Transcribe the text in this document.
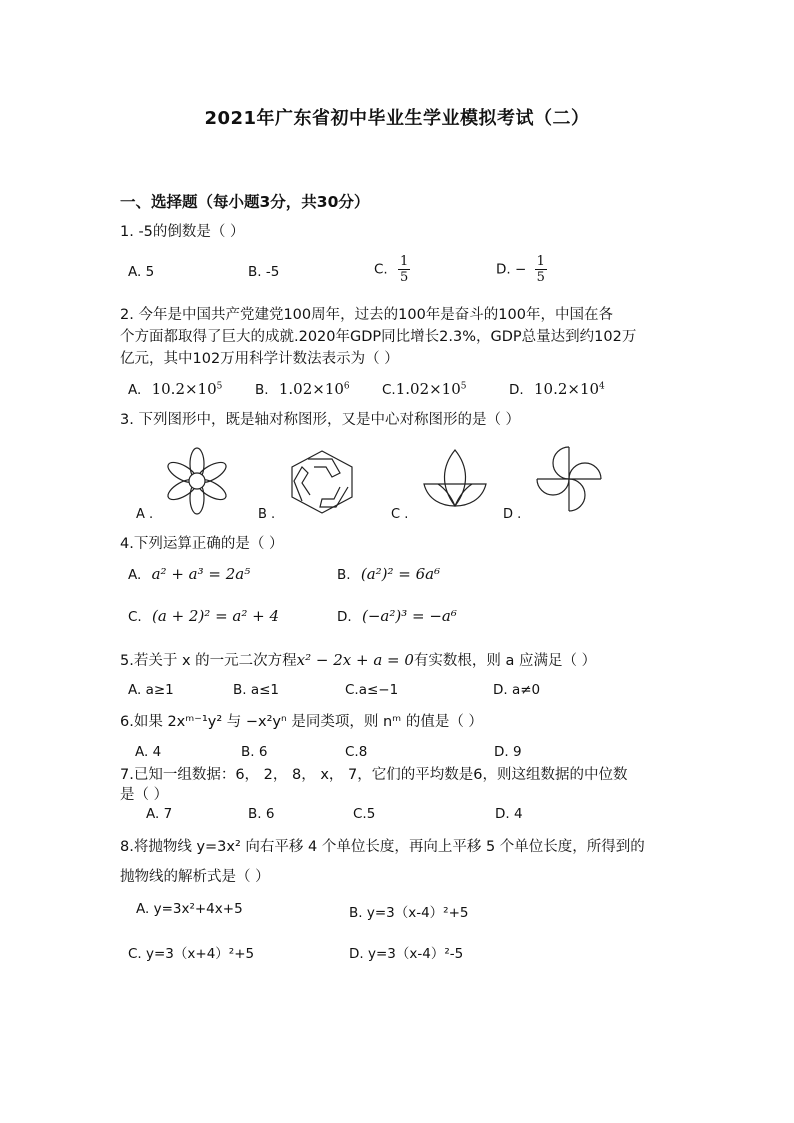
2021年广东省初中毕业生学业模拟考试（二）
一、选择题（每小题3分，共30分）
1. -5的倒数是（ ）
A. 5	B. -5	C. $\frac{1}{5}$	D. − $\frac{1}{5}$
2. 今年是中国共产党建党100周年，过去的100年是奋斗的100年，中国在各
个方面都取得了巨大的成就.2020年GDP同比增长2.3%，GDP总量达到约102万
亿元，其中102万用科学计数法表示为（ ）
A. $10.2\times 10^5$ B. $1.02\times 10^6$ $C.1.02\times 10^5$	D. $10.2\times 10^4$
3. 下列图形中，既是轴对称图形，又是中心对称图形的是（ ）
A .	B .	C .	D .
4.下列运算正确的是（ ）
A. a² + a³ = 2a⁵	B. (a²)² = 6a⁶
C. (a + 2)² = a² + 4	D. (−a²)³ = −a⁶
5.若关于 x 的一元二次方程x² − 2x + a = 0有实数根，则 a 应满足（ ）
A. a≥1	B. a≤1	C.a≤−1	D. a≠0
6.如果 2xᵐ⁻¹y² 与 −x²yⁿ 是同类项，则 nᵐ 的值是（ ）
A. 4	B. 6	C.8	D. 9
7.已知一组数据：6， 2， 8， x， 7，它们的平均数是6，则这组数据的中位数
是（ ）
A. 7	B. 6	C.5	D. 4
8.将抛物线 y=3x² 向右平移 4 个单位长度，再向上平移 5 个单位长度，所得到的
抛物线的解析式是（ ）
A. y=3x²+4x+5	B. y=3（x-4）²+5
C. y=3（x+4）²+5	D. y=3（x-4）²-5
